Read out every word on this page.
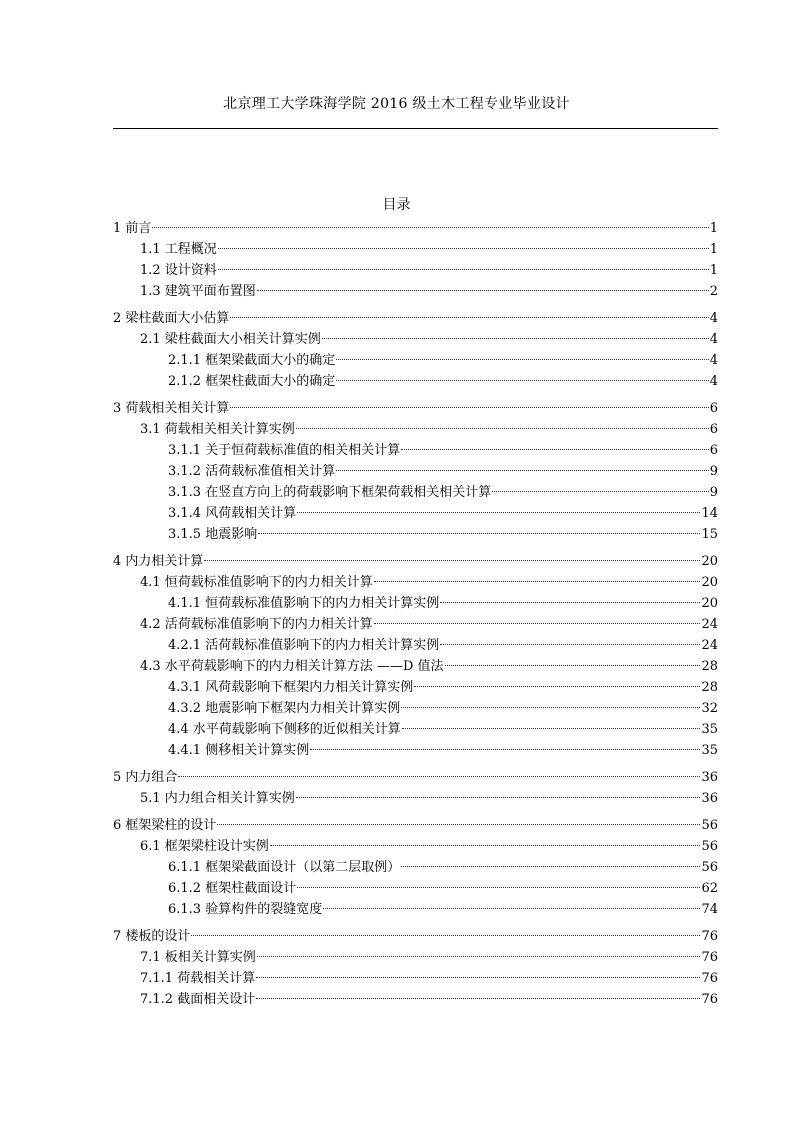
北京理工大学珠海学院 2016 级土木工程专业毕业设计
目录
1 前言	1
1.1 工程概况	1
1.2 设计资料	1
1.3 建筑平面布置图	2
2 梁柱截面大小估算	4
2.1 梁柱截面大小相关计算实例	4
2.1.1 框架梁截面大小的确定	4
2.1.2 框架柱截面大小的确定	4
3 荷载相关相关计算	6
3.1 荷载相关相关计算实例	6
3.1.1 关于恒荷载标准值的相关相关计算	6
3.1.2 活荷载标准值相关计算	9
3.1.3 在竖直方向上的荷载影响下框架荷载相关相关计算	9
3.1.4 风荷载相关计算	14
3.1.5 地震影响	15
4 内力相关计算	20
4.1 恒荷载标准值影响下的内力相关计算	20
4.1.1 恒荷载标准值影响下的内力相关计算实例	20
4.2 活荷载标准值影响下的内力相关计算	24
4.2.1 活荷载标准值影响下的内力相关计算实例	24
4.3 水平荷载影响下的内力相关计算方法 ——D 值法	28
4.3.1 风荷载影响下框架内力相关计算实例	28
4.3.2 地震影响下框架内力相关计算实例	32
4.4 水平荷载影响下侧移的近似相关计算	35
4.4.1 侧移相关计算实例	35
5 内力组合	36
5.1 内力组合相关计算实例	36
6 框架梁柱的设计	56
6.1 框架梁柱设计实例	56
6.1.1 框架梁截面设计（以第二层取例）	56
6.1.2 框架柱截面设计	62
6.1.3 验算构件的裂缝宽度	74
7 楼板的设计	76
7.1 板相关计算实例	76
7.1.1 荷载相关计算	76
7.1.2 截面相关设计	76
